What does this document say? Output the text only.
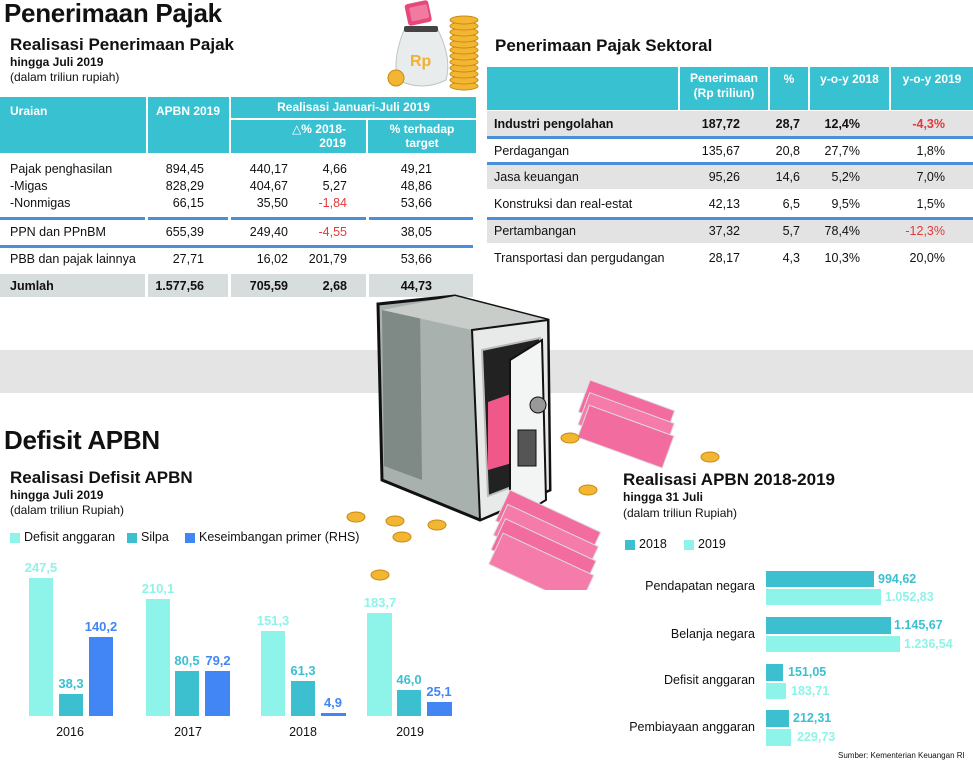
Penerimaan Pajak
Realisasi Penerimaan Pajak
hingga Juli 2019
(dalam triliun rupiah)
Rp
Uraian	APBN 2019	Realisasi Januari-Juli 2019
△% 2018-
2019
% terhadap
target
Pajak penghasilan	894,45	440,17	4,66	49,21
-Migas	828,29	404,67	5,27	48,86
-Nonmigas	66,15	35,50	-1,84	53,66
PPN dan PPnBM	655,39	249,40	-4,55	38,05
PBB dan pajak lainnya	27,71	16,02	201,79	53,66
Jumlah	1.577,56	705,59	2,68	44,73
Penerimaan Pajak Sektoral
Penerimaan
(Rp triliun)
%	y-o-y 2018	y-o-y 2019
Industri pengolahan	187,72	28,7	12,4%	-4,3%
Perdagangan	135,67	20,8	27,7%	1,8%
Jasa keuangan	95,26	14,6	5,2%	7,0%
Konstruksi dan real-estat	42,13	6,5	9,5%	1,5%
Pertambangan	37,32	5,7	78,4%	-12,3%
Transportasi dan pergudangan	28,17	4,3	10,3%	20,0%
Defisit APBN
Realisasi Defisit APBN
hingga Juli 2019
(dalam triliun Rupiah)
Defisit anggaran	Silpa	Keseimbangan primer (RHS)
247,5
38,3
140,2
2016
210,1
80,5 79,2
2017
151,3
61,3
4,9
2018
183,7
46,0
25,1
2019
Realisasi APBN 2018-2019
hingga 31 Juli
(dalam triliun Rupiah)
2018	2019
Pendapatan negara	994,62
1.052,83
Belanja negara
1.145,67
1.236,54
Defisit anggaran
151,05
183,71
Pembiayaan anggaran
212,31
229,73
Sumber: Kementerian Keuangan RI
